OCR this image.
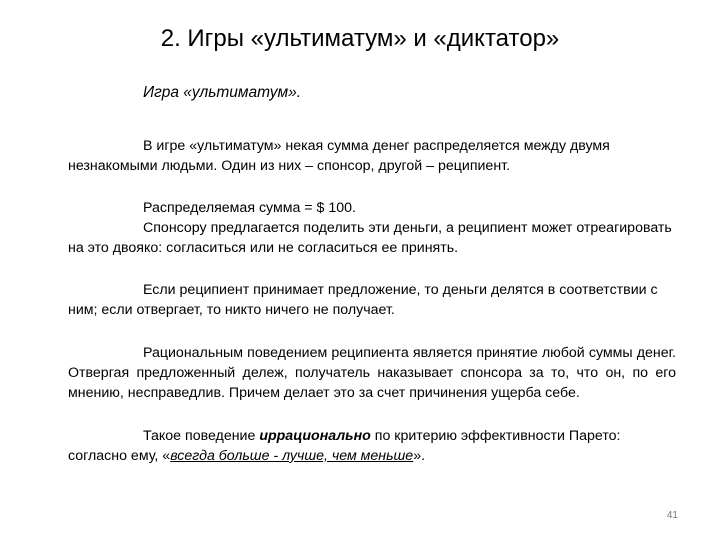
2. Игры «ультиматум» и «диктатор»
Игра «ультиматум».

В игре «ультиматум» некая сумма денег распределяется между двумя незнакомыми людьми. Один из них – спонсор, другой – реципиент.

Распределяемая сумма = $ 100.

Спонсору предлагается поделить эти деньги, а реципиент может отреагировать на это двояко: согласиться или не согласиться ее принять.

Если реципиент принимает предложение, то деньги делятся в соответствии с ним; если отвергает, то никто ничего не получает.

Рациональным поведением реципиента является принятие любой суммы денег. Отвергая предложенный дележ, получатель наказывает спонсора за то, что он, по его мнению, несправедлив. Причем делает это за счет причинения ущерба себе.

Такое поведение иррационально по критерию эффективности Парето: согласно ему, «всегда больше - лучше, чем меньше».

41
